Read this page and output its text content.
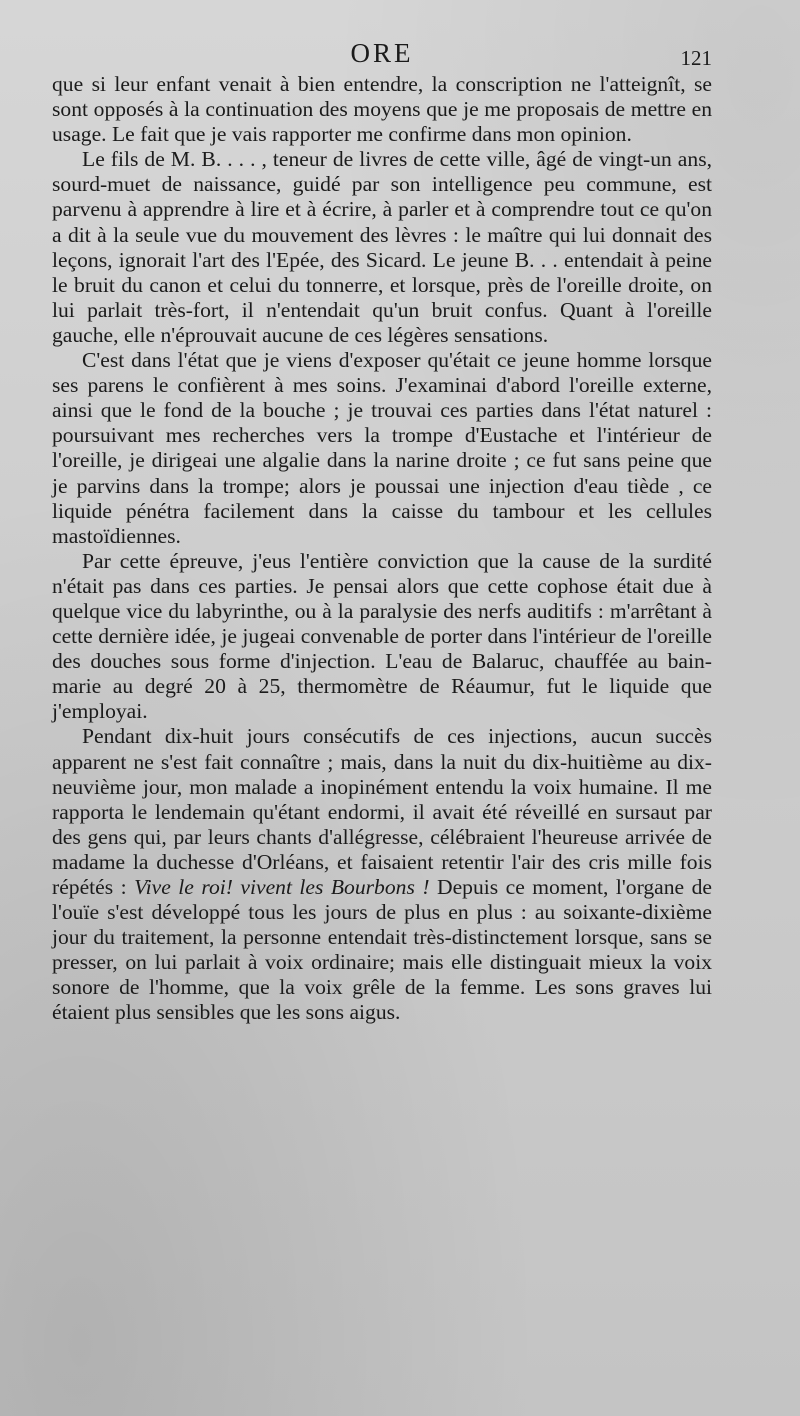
ORE	121

que si leur enfant venait à bien entendre, la conscription ne l'atteignît, se sont opposés à la continuation des moyens que je me proposais de mettre en usage. Le fait que je vais rapporter me confirme dans mon opinion.

Le fils de M. B. . . . , teneur de livres de cette ville, âgé de vingt-un ans, sourd-muet de naissance, guidé par son intelligence peu commune, est parvenu à apprendre à lire et à écrire, à parler et à comprendre tout ce qu'on a dit à la seule vue du mouvement des lèvres : le maître qui lui donnait des leçons, ignorait l'art des l'Epée, des Sicard. Le jeune B. . . entendait à peine le bruit du canon et celui du tonnerre, et lorsque, près de l'oreille droite, on lui parlait très-fort, il n'entendait qu'un bruit confus. Quant à l'oreille gauche, elle n'éprouvait aucune de ces légères sensations.

C'est dans l'état que je viens d'exposer qu'était ce jeune homme lorsque ses parens le confièrent à mes soins. J'examinai d'abord l'oreille externe, ainsi que le fond de la bouche ; je trouvai ces parties dans l'état naturel : poursuivant mes recherches vers la trompe d'Eustache et l'intérieur de l'oreille, je dirigeai une algalie dans la narine droite ; ce fut sans peine que je parvins dans la trompe; alors je poussai une injection d'eau tiède , ce liquide pénétra facilement dans la caisse du tambour et les cellules mastoïdiennes.

Par cette épreuve, j'eus l'entière conviction que la cause de la surdité n'était pas dans ces parties. Je pensai alors que cette cophose était due à quelque vice du labyrinthe, ou à la paralysie des nerfs auditifs : m'arrêtant à cette dernière idée, je jugeai convenable de porter dans l'intérieur de l'oreille des douches sous forme d'injection. L'eau de Balaruc, chauffée au bain-marie au degré 20 à 25, thermomètre de Réaumur, fut le liquide que j'employai.

Pendant dix-huit jours consécutifs de ces injections, aucun succès apparent ne s'est fait connaître ; mais, dans la nuit du dix-huitième au dix-neuvième jour, mon malade a inopinément entendu la voix humaine. Il me rapporta le lendemain qu'étant endormi, il avait été réveillé en sursaut par des gens qui, par leurs chants d'allégresse, célébraient l'heureuse arrivée de madame la duchesse d'Orléans, et faisaient retentir l'air des cris mille fois répétés : Vive le roi! vivent les Bourbons ! Depuis ce moment, l'organe de l'ouïe s'est développé tous les jours de plus en plus : au soixante-dixième jour du traitement, la personne entendait très-distinctement lorsque, sans se presser, on lui parlait à voix ordinaire; mais elle distinguait mieux la voix sonore de l'homme, que la voix grêle de la femme. Les sons graves lui étaient plus sensibles que les sons aigus.
